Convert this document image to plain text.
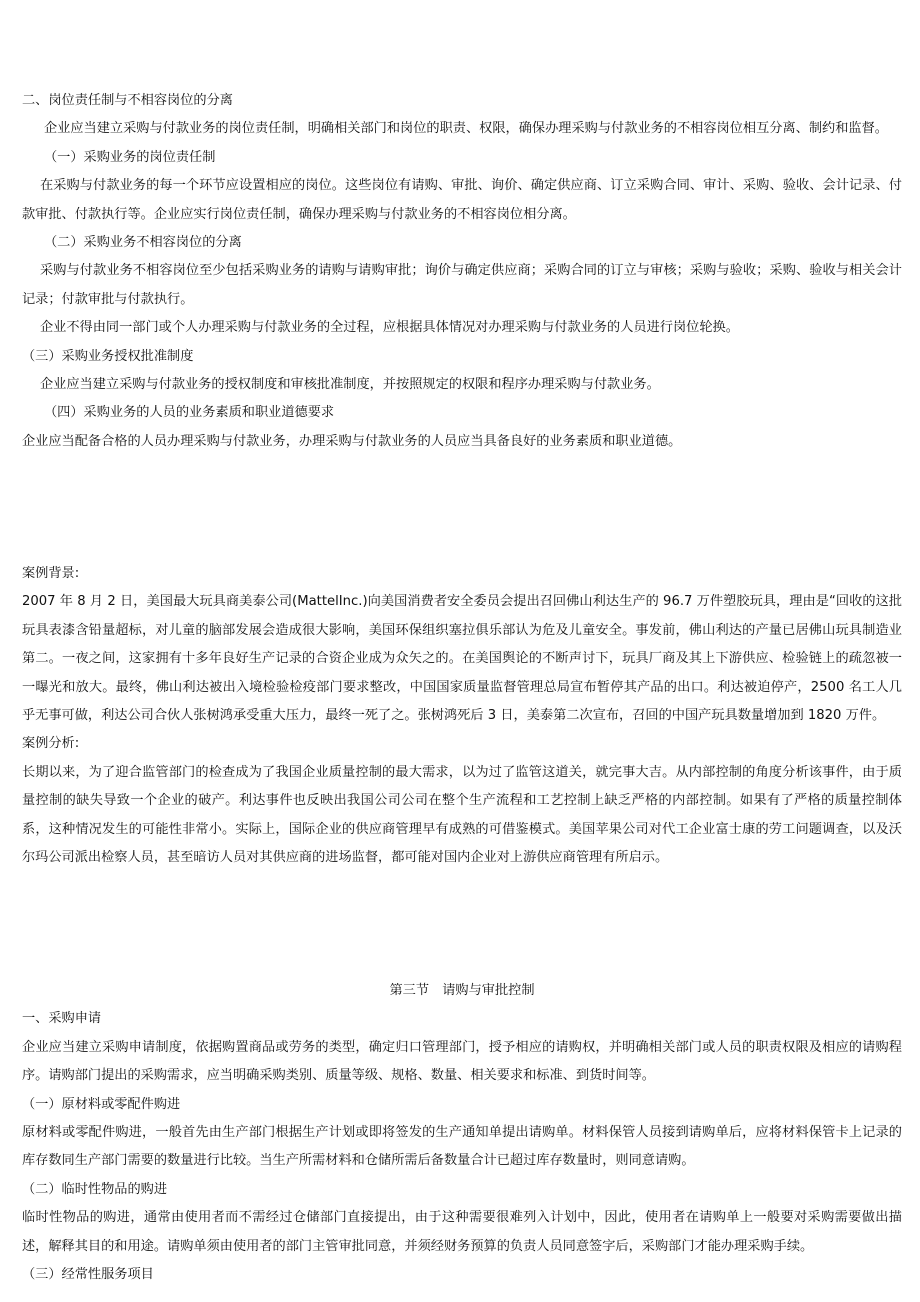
二、岗位责任制与不相容岗位的分离

企业应当建立采购与付款业务的岗位责任制，明确相关部门和岗位的职责、权限，确保办理采购与付款业务的不相容岗位相互分离、制约和监督。

（一）采购业务的岗位责任制

在采购与付款业务的每一个环节应设置相应的岗位。这些岗位有请购、审批、询价、确定供应商、订立采购合同、审计、采购、验收、会计记录、付款审批、付款执行等。企业应实行岗位责任制，确保办理采购与付款业务的不相容岗位相分离。

（二）采购业务不相容岗位的分离

采购与付款业务不相容岗位至少包括采购业务的请购与请购审批；询价与确定供应商；采购合同的订立与审核；采购与验收；采购、验收与相关会计记录；付款审批与付款执行。

企业不得由同一部门或个人办理采购与付款业务的全过程，应根据具体情况对办理采购与付款业务的人员进行岗位轮换。

（三）采购业务授权批准制度

企业应当建立采购与付款业务的授权制度和审核批准制度，并按照规定的权限和程序办理采购与付款业务。

（四）采购业务的人员的业务素质和职业道德要求

企业应当配备合格的人员办理采购与付款业务，办理采购与付款业务的人员应当具备良好的业务素质和职业道德。

案例背景:

2007 年 8 月 2 日，美国最大玩具商美泰公司(MattelInc.)向美国消费者安全委员会提出召回佛山利达生产的 96.7 万件塑胶玩具，理由是“回收的这批玩具表漆含铅量超标，对儿童的脑部发展会造成很大影响，美国环保组织塞拉俱乐部认为危及儿童安全。事发前，佛山利达的产量已居佛山玩具制造业第二。一夜之间，这家拥有十多年良好生产记录的合资企业成为众矢之的。在美国舆论的不断声讨下，玩具厂商及其上下游供应、检验链上的疏忽被一一曝光和放大。最终，佛山利达被出入境检验检疫部门要求整改，中国国家质量监督管理总局宣布暂停其产品的出口。利达被迫停产，2500 名工人几乎无事可做，利达公司合伙人张树鸿承受重大压力，最终一死了之。张树鸿死后 3 日，美泰第二次宣布，召回的中国产玩具数量增加到 1820 万件。

案例分析:

长期以来，为了迎合监管部门的检查成为了我国企业质量控制的最大需求，以为过了监管这道关，就完事大吉。从内部控制的角度分析该事件，由于质量控制的缺失导致一个企业的破产。利达事件也反映出我国公司公司在整个生产流程和工艺控制上缺乏严格的内部控制。如果有了严格的质量控制体系，这种情况发生的可能性非常小。实际上，国际企业的供应商管理早有成熟的可借鉴模式。美国苹果公司对代工企业富士康的劳工问题调查，以及沃尔玛公司派出检察人员，甚至暗访人员对其供应商的进场监督，都可能对国内企业对上游供应商管理有所启示。

第三节　请购与审批控制

一、采购申请

企业应当建立采购申请制度，依据购置商品或劳务的类型，确定归口管理部门，授予相应的请购权，并明确相关部门或人员的职责权限及相应的请购程序。请购部门提出的采购需求，应当明确采购类别、质量等级、规格、数量、相关要求和标准、到货时间等。

（一）原材料或零配件购进

原材料或零配件购进，一般首先由生产部门根据生产计划或即将签发的生产通知单提出请购单。材料保管人员接到请购单后，应将材料保管卡上记录的库存数同生产部门需要的数量进行比较。当生产所需材料和仓储所需后备数量合计已超过库存数量时，则同意请购。

（二）临时性物品的购进

临时性物品的购进，通常由使用者而不需经过仓储部门直接提出，由于这种需要很难列入计划中，因此，使用者在请购单上一般要对采购需要做出描述，解释其目的和用途。请购单须由使用者的部门主管审批同意，并须经财务预算的负责人员同意签字后，采购部门才能办理采购手续。

（三）经常性服务项目
